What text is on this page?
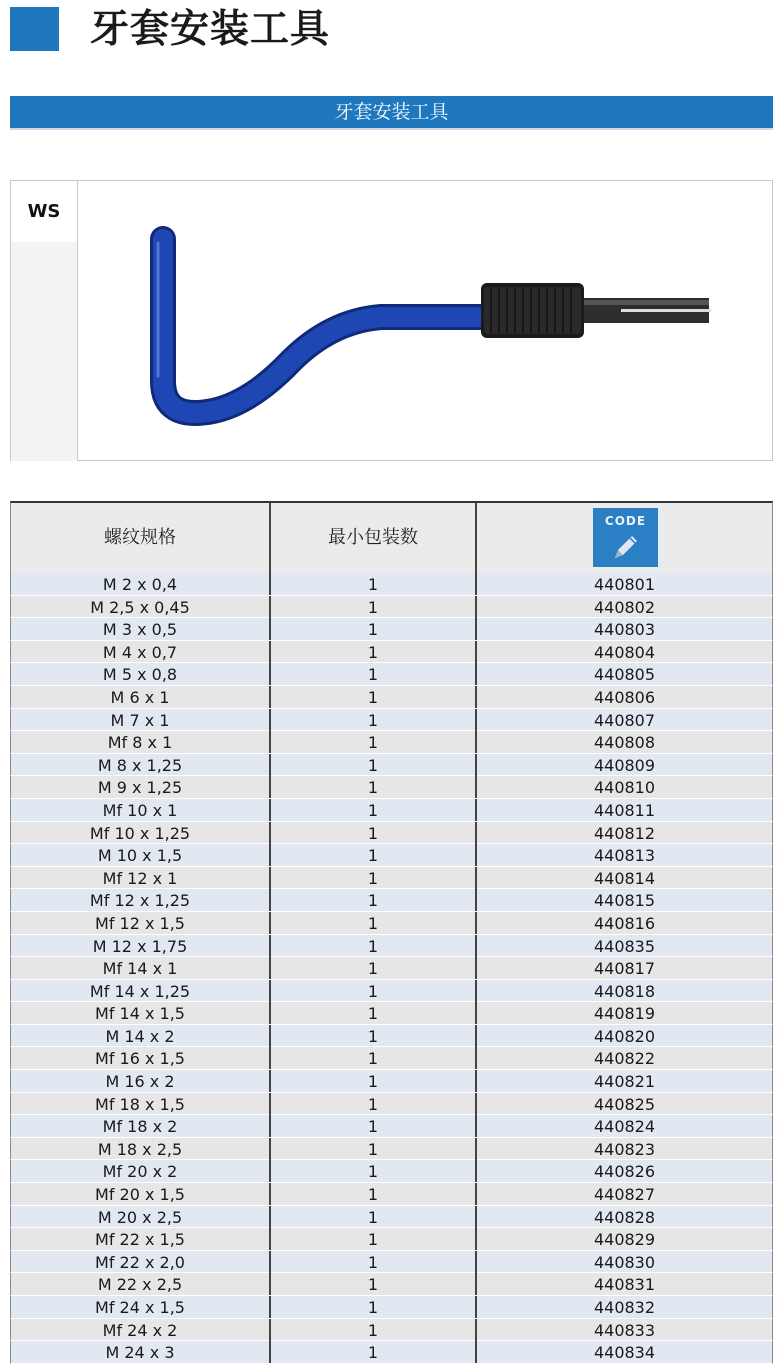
牙套安装工具
牙套安装工具
WS
螺纹规格	最小包装数
CODE
M 2 x 0,4	1	440801
M 2,5 x 0,45	1	440802
M 3 x 0,5	1	440803
M 4 x 0,7	1	440804
M 5 x 0,8	1	440805
M 6 x 1	1	440806
M 7 x 1	1	440807
Mf 8 x 1	1	440808
M 8 x 1,25	1	440809
M 9 x 1,25	1	440810
Mf 10 x 1	1	440811
Mf 10 x 1,25	1	440812
M 10 x 1,5	1	440813
Mf 12 x 1	1	440814
Mf 12 x 1,25	1	440815
Mf 12 x 1,5	1	440816
M 12 x 1,75	1	440835
Mf 14 x 1	1	440817
Mf 14 x 1,25	1	440818
Mf 14 x 1,5	1	440819
M 14 x 2	1	440820
Mf 16 x 1,5	1	440822
M 16 x 2	1	440821
Mf 18 x 1,5	1	440825
Mf 18 x 2	1	440824
M 18 x 2,5	1	440823
Mf 20 x 2	1	440826
Mf 20 x 1,5	1	440827
M 20 x 2,5	1	440828
Mf 22 x 1,5	1	440829
Mf 22 x 2,0	1	440830
M 22 x 2,5	1	440831
Mf 24 x 1,5	1	440832
Mf 24 x 2	1	440833
M 24 x 3	1	440834
